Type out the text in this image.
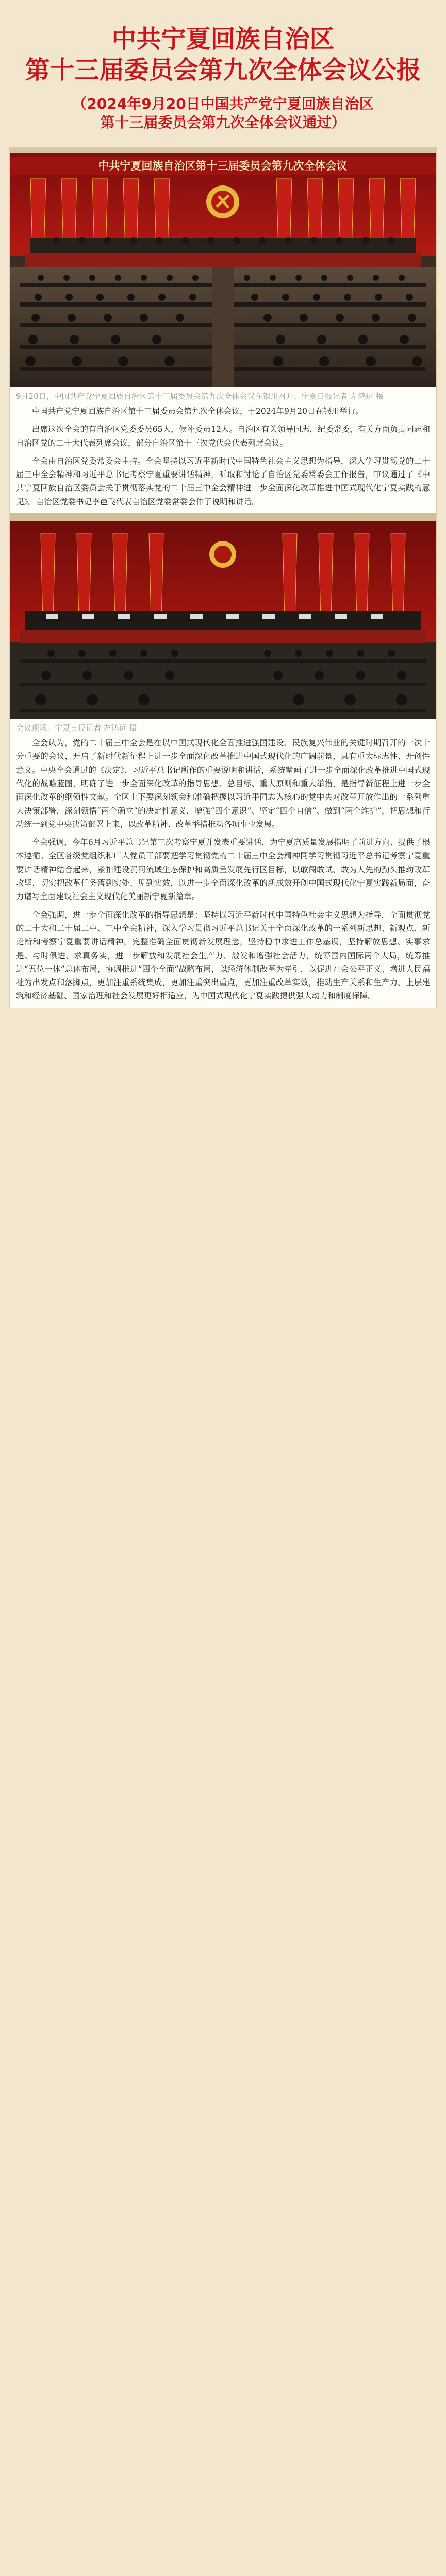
中共宁夏回族自治区
第十三届委员会第九次全体会议公报

（2024年9月20日中国共产党宁夏回族自治区

第十三届委员会第九次全体会议通过）

中共宁夏回族自治区第十三届委员会第九次全体会议
9月20日，中国共产党宁夏回族自治区第十三届委员会第九次全体会议在银川召开。宁夏日报记者 左鸿远 摄

中国共产党宁夏回族自治区第十三届委员会第九次全体会议，于2024年9月20日在银川举行。

出席这次全会的有自治区党委委员65人，候补委员12人。自治区有关领导同志，纪委常委，有关方面负责同志和自治区党的二十大代表列席会议，部分自治区第十三次党代会代表列席会议。

全会由自治区党委常委会主持。全会坚持以习近平新时代中国特色社会主义思想为指导，深入学习贯彻党的二十届三中全会精神和习近平总书记考察宁夏重要讲话精神，听取和讨论了自治区党委常委会工作报告，审议通过了《中共宁夏回族自治区委员会关于贯彻落实党的二十届三中全会精神进一步全面深化改革推进中国式现代化宁夏实践的意见》。自治区党委书记李邑飞代表自治区党委常委会作了说明和讲话。

会议现场。宁夏日报记者 左鸿远 摄

全会认为，党的二十届三中全会是在以中国式现代化全面推进强国建设、民族复兴伟业的关键时期召开的一次十分重要的会议，开启了新时代新征程上进一步全面深化改革推进中国式现代化的广阔前景，具有重大标志性、开创性意义。中央全会通过的《决定》，习近平总书记所作的重要说明和讲话，系统擘画了进一步全面深化改革推进中国式现代化的战略蓝图，明确了进一步全面深化改革的指导思想、总目标、重大原则和重大举措，是指导新征程上进一步全面深化改革的纲领性文献。全区上下要深刻领会和准确把握以习近平同志为核心的党中央对改革开放作出的一系列重大决策部署，深刻领悟“两个确立”的决定性意义，增强“四个意识”、坚定“四个自信”、做到“两个维护”，把思想和行动统一到党中央决策部署上来，以改革精神、改革举措推动各项事业发展。

全会强调，今年6月习近平总书记第三次考察宁夏并发表重要讲话，为宁夏高质量发展指明了前进方向、提供了根本遵循。全区各级党组织和广大党员干部要把学习贯彻党的二十届三中全会精神同学习贯彻习近平总书记考察宁夏重要讲话精神结合起来，紧扣建设黄河流域生态保护和高质量发展先行区目标，以敢闯敢试、敢为人先的劲头推动改革攻坚，切实把改革任务落到实处、见到实效，以进一步全面深化改革的新成效开创中国式现代化宁夏实践新局面，奋力谱写全面建设社会主义现代化美丽新宁夏新篇章。

全会强调，进一步全面深化改革的指导思想是：坚持以习近平新时代中国特色社会主义思想为指导，全面贯彻党的二十大和二十届二中、三中全会精神，深入学习贯彻习近平总书记关于全面深化改革的一系列新思想、新观点、新论断和考察宁夏重要讲话精神，完整准确全面贯彻新发展理念，坚持稳中求进工作总基调，坚持解放思想、实事求是、与时俱进、求真务实，进一步解放和发展社会生产力、激发和增强社会活力，统筹国内国际两个大局，统筹推进“五位一体”总体布局，协调推进“四个全面”战略布局，以经济体制改革为牵引，以促进社会公平正义、增进人民福祉为出发点和落脚点，更加注重系统集成，更加注重突出重点，更加注重改革实效，推动生产关系和生产力、上层建筑和经济基础、国家治理和社会发展更好相适应，为中国式现代化宁夏实践提供强大动力和制度保障。
